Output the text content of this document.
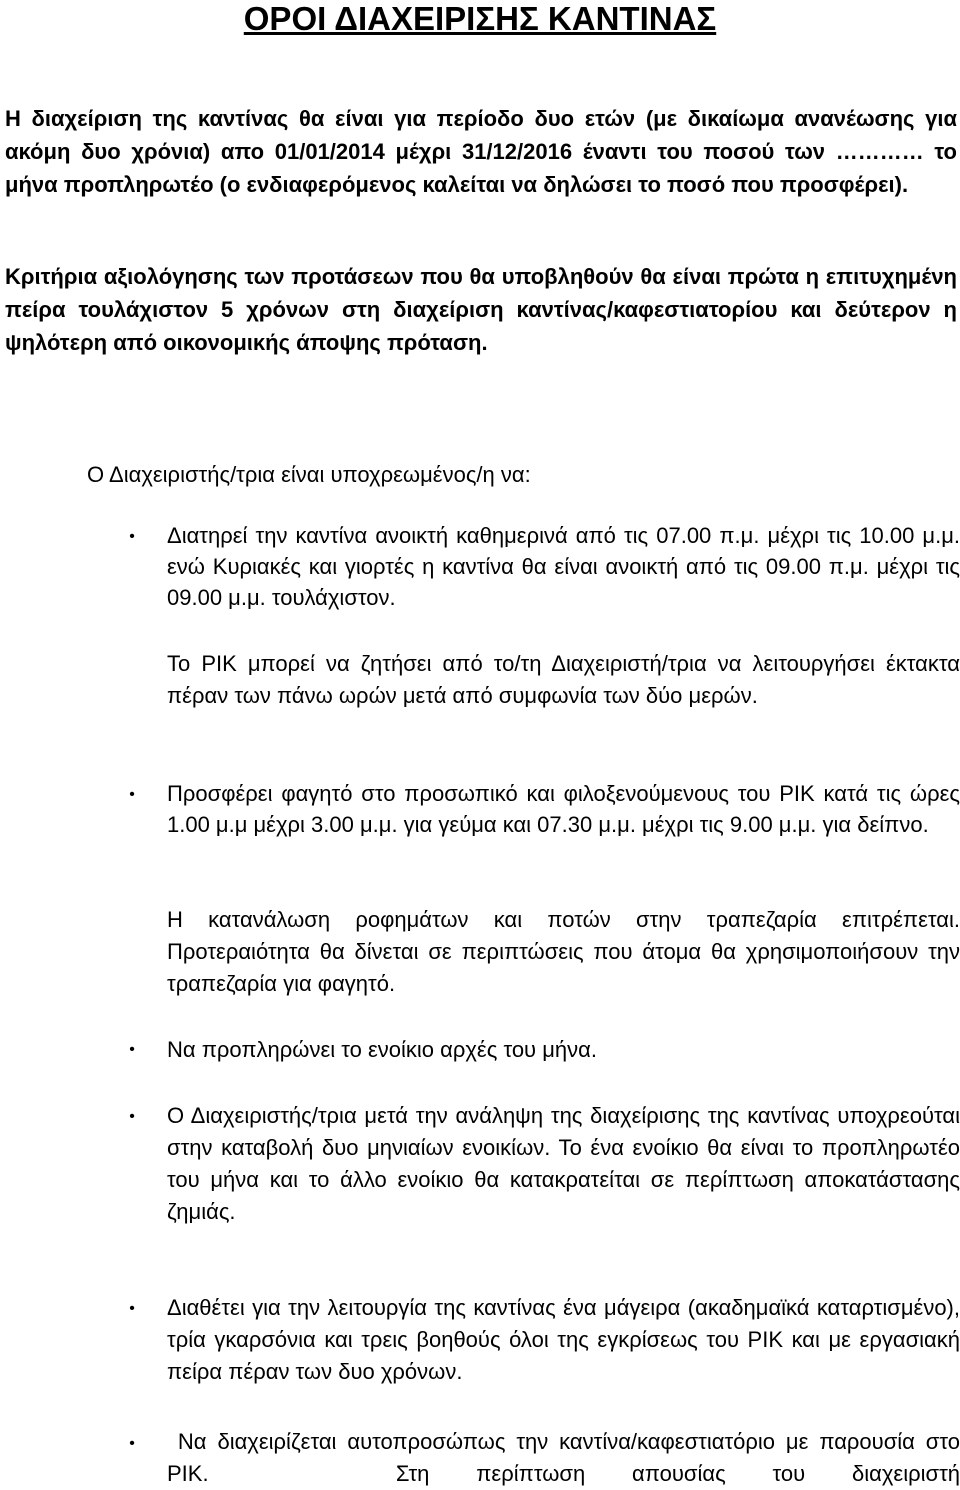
ΟΡΟΙ ΔΙΑΧΕΙΡΙΣΗΣ ΚΑΝΤΙΝΑΣ

Η διαχείριση της καντίνας θα είναι για περίοδο δυο ετών (με δικαίωμα ανανέωσης για ακόμη δυο χρόνια) απο 01/01/2014 μέχρι 31/12/2016 έναντι του ποσού των ………… το μήνα προπληρωτέο (ο ενδιαφερόμενος καλείται να δηλώσει το ποσό που προσφέρει).

Κριτήρια αξιολόγησης των προτάσεων που θα υποβληθούν θα είναι πρώτα η επιτυχημένη πείρα τουλάχιστον 5 χρόνων στη διαχείριση καντίνας/καφεστιατορίου και δεύτερον η ψηλότερη από οικονομικής άποψης πρόταση.

Ο Διαχειριστής/τρια είναι υποχρεωμένος/η να:

• Διατηρεί την καντίνα ανοικτή καθημερινά από τις 07.00 π.μ. μέχρι τις 10.00 μ.μ. ενώ Κυριακές και γιορτές η καντίνα θα είναι ανοικτή από τις 09.00 π.μ. μέχρι τις 09.00 μ.μ. τουλάχιστον.

Το ΡΙΚ μπορεί να ζητήσει από το/τη Διαχειριστή/τρια να λειτουργήσει έκτακτα πέραν των πάνω ωρών μετά από συμφωνία των δύο μερών.

• Προσφέρει φαγητό στο προσωπικό και φιλοξενούμενους του ΡΙΚ κατά τις ώρες 1.00 μ.μ μέχρι 3.00 μ.μ. για γεύμα και 07.30 μ.μ. μέχρι τις 9.00 μ.μ. για δείπνο.

Η κατανάλωση ροφημάτων και ποτών στην τραπεζαρία επιτρέπεται. Προτεραιότητα θα δίνεται σε περιπτώσεις που άτομα θα χρησιμοποιήσουν την τραπεζαρία για φαγητό.

• Να προπληρώνει το ενοίκιο αρχές του μήνα.

• Ο Διαχειριστής/τρια μετά την ανάληψη της διαχείρισης της καντίνας υποχρεούται στην καταβολή δυο μηνιαίων ενοικίων. Το ένα ενοίκιο θα είναι το προπληρωτέο του μήνα και το άλλο ενοίκιο θα κατακρατείται σε περίπτωση αποκατάστασης ζημιάς.

• Διαθέτει για την λειτουργία της καντίνας ένα μάγειρα (ακαδημαϊκά καταρτισμένο), τρία γκαρσόνια και τρεις βοηθούς όλοι της εγκρίσεως του ΡΙΚ και με εργασιακή πείρα πέραν των δυο χρόνων.

•	Να διαχειρίζεται αυτοπροσώπως την καντίνα/καφεστιατόριο με παρουσία στο ΡΙΚ.    Στη περίπτωση απουσίας του διαχειριστή
